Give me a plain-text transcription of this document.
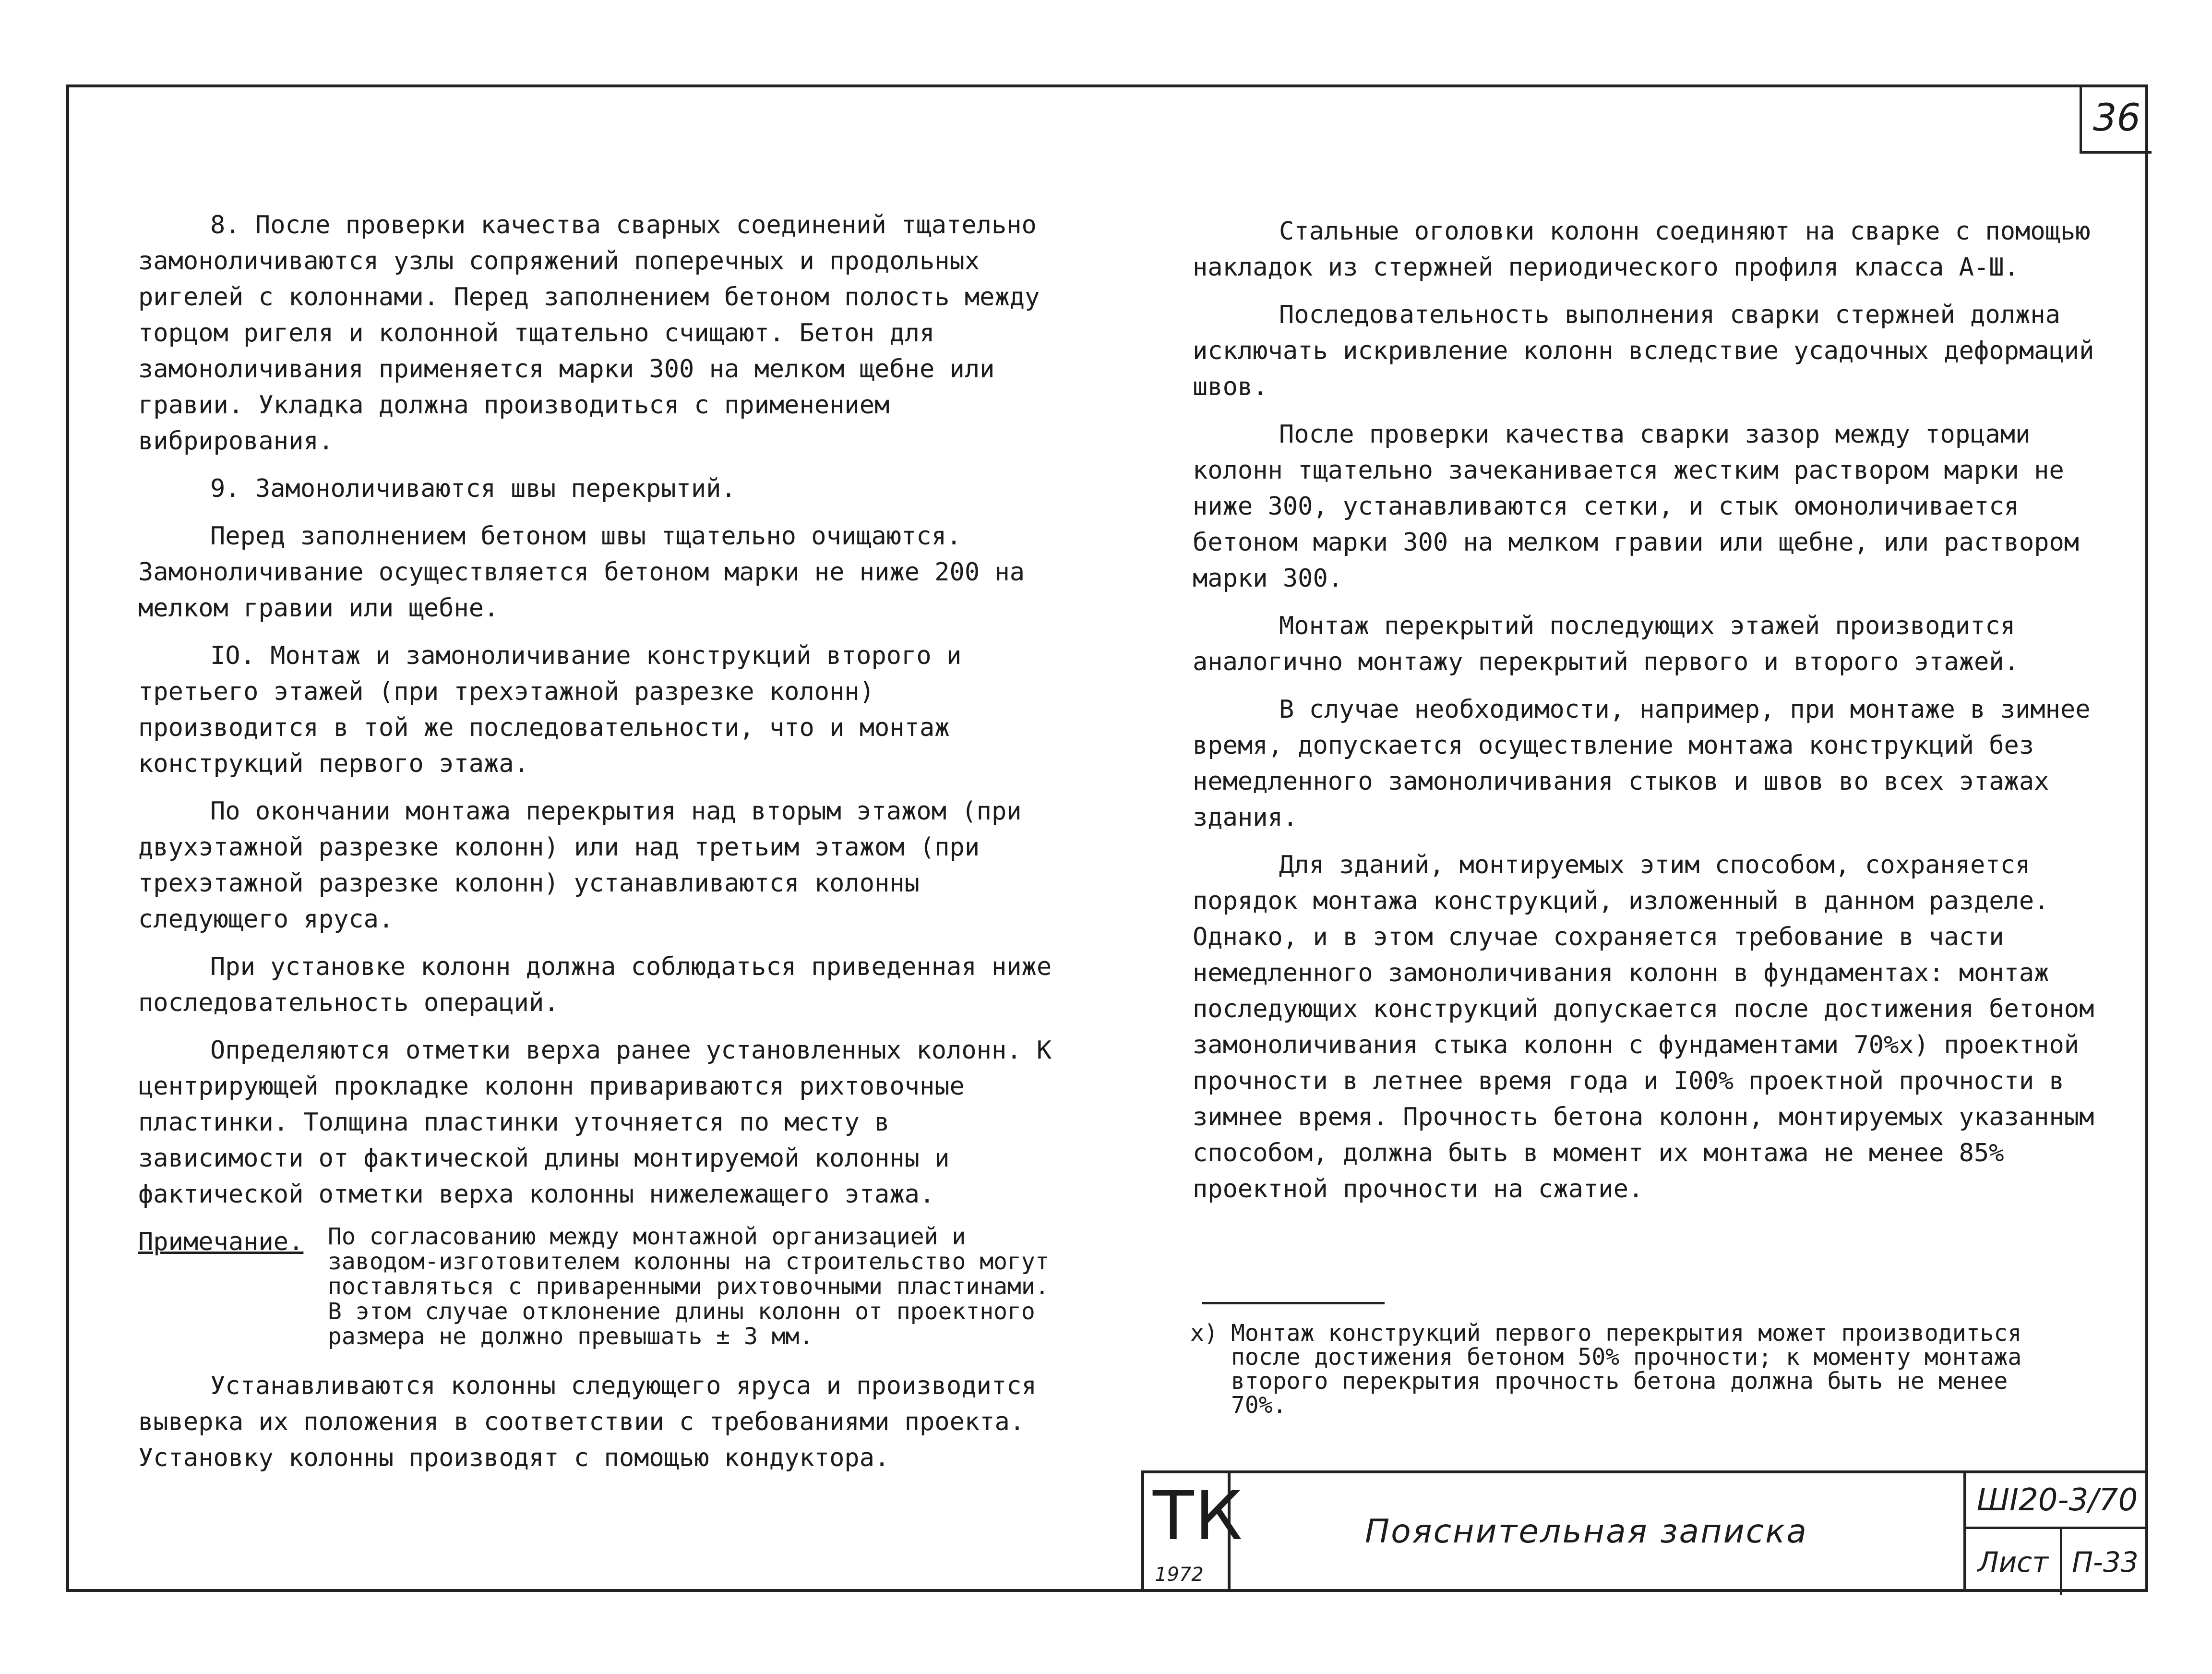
36

8. После проверки качества сварных соединений тщательно замоноличиваются узлы сопряжений поперечных и продольных ригелей с колоннами. Перед заполнением бетоном полость между торцом ригеля и колонной тщательно счищают. Бетон для замоноличивания применяется марки 300 на мелком щебне или гравии. Укладка должна производиться с применением вибрирования.

9. Замоноличиваются швы перекрытий.

Перед заполнением бетоном швы тщательно очищаются. Замоноличивание осуществляется бетоном марки не ниже 200 на мелком гравии или щебне.

IO. Монтаж и замоноличивание конструкций второго и третьего этажей (при трехэтажной разрезке колонн) производится в той же последовательности, что и монтаж конструкций первого этажа.

По окончании монтажа перекрытия над вторым этажом (при двухэтажной разрезке колонн) или над третьим этажом (при трехэтажной разрезке колонн) устанавливаются колонны следующего яруса.

При установке колонн должна соблюдаться приведенная ниже последовательность операций.

Определяются отметки верха ранее установленных колонн. К центрирующей прокладке колонн привариваются рихтовочные пластинки. Толщина пластинки уточняется по месту в зависимости от фактической длины монтируемой колонны и фактической отметки верха колонны нижележащего этажа.

Примечание.	По согласованию между монтажной организацией и заводом-изготовителем колонны на строительство могут поставляться с приваренными рихтовочными пластинами. В этом случае отклонение длины колонн от проектного размера не должно превышать ± 3 мм.

Устанавливаются колонны следующего яруса и производится выверка их положения в соответствии с требованиями проекта. Установку колонны производят с помощью кондуктора.

Стальные оголовки колонн соединяют на сварке с помощью накладок из стержней периодического профиля класса А-Ш.

Последовательность выполнения сварки стержней должна исключать искривление колонн вследствие усадочных деформаций швов.

После проверки качества сварки зазор между торцами колонн тщательно зачеканивается жестким раствором марки не ниже 300, устанавливаются сетки, и стык омоноличивается бетоном марки 300 на мелком гравии или щебне, или раствором марки 300.

Монтаж перекрытий последующих этажей производится аналогично монтажу перекрытий первого и второго этажей.

В случае необходимости, например, при монтаже в зимнее время, допускается осуществление монтажа конструкций без немедленного замоноличивания стыков и швов во всех этажах здания.

Для зданий, монтируемых этим способом, сохраняется порядок монтажа конструкций, изложенный в данном разделе. Однако, и в этом случае сохраняется требование в части немедленного замоноличивания колонн в фундаментах: монтаж последующих конструкций допускается после достижения бетоном замоноличивания стыка колонн с фундаментами 70%х) проектной прочности в летнее время года и I00% проектной прочности в зимнее время. Прочность бетона колонн, монтируемых указанным способом, должна быть в момент их монтажа не менее 85% проектной прочности на сжатие.

х) Монтаж конструкций первого перекрытия может производиться после достижения бетоном 50% прочности; к моменту монтажа второго перекрытия прочность бетона должна быть не менее 70%.
ТК
1972
Пояснительная записка
ШI20-3/70
Лист П-33
